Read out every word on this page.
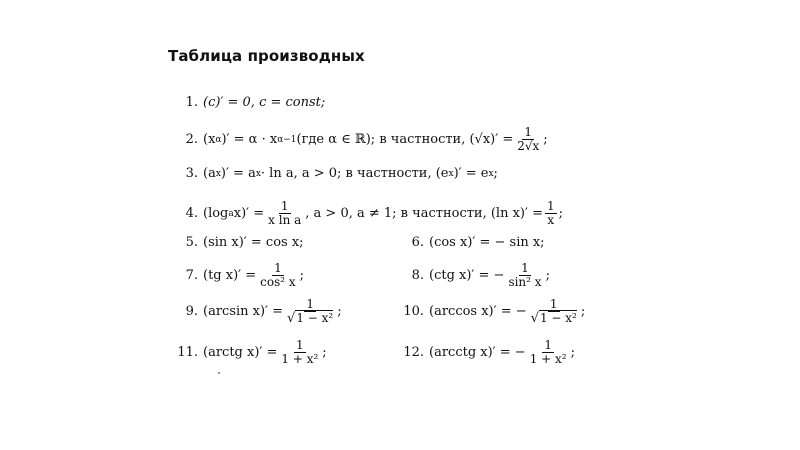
Таблица производных
1. (c)′ = 0, c = const;
2. (x α )′ = α · x α−1 (где α ∈ ℝ); в частности, $(√x)' = \frac{1}{2√x}$ ;
3. (a x )′ = a x · ln a, a > 0; в частности, (e x )′ = e x ;
4. (log a $x)' = \frac{1}{\text{x ln a}}$ , a > 0, a ≠ 1; в частности, (ln $x)' = \frac{1}{x}$ ;
5. (sin x)′ = cos x;	6. (cos x)′ = − sin x;
7. (tg $x)' = \frac{1}{\text{cos² x}}$ ;	8. (ctg x)′ = − $\frac{1}{\text{sin² x}}$ ;
9. (arcsin $x)' = \frac{1}{\text{√1 − x²}}$ ;	10. (arccos x)′ = − $\frac{1}{\text{√1 − x²}}$ ;
11. (arctg $x)' = \frac{1}{\text{1 + x²}}$ ;	12. (arcctg x)′ = − $\frac{1}{\text{1 + x²}}$ ;
